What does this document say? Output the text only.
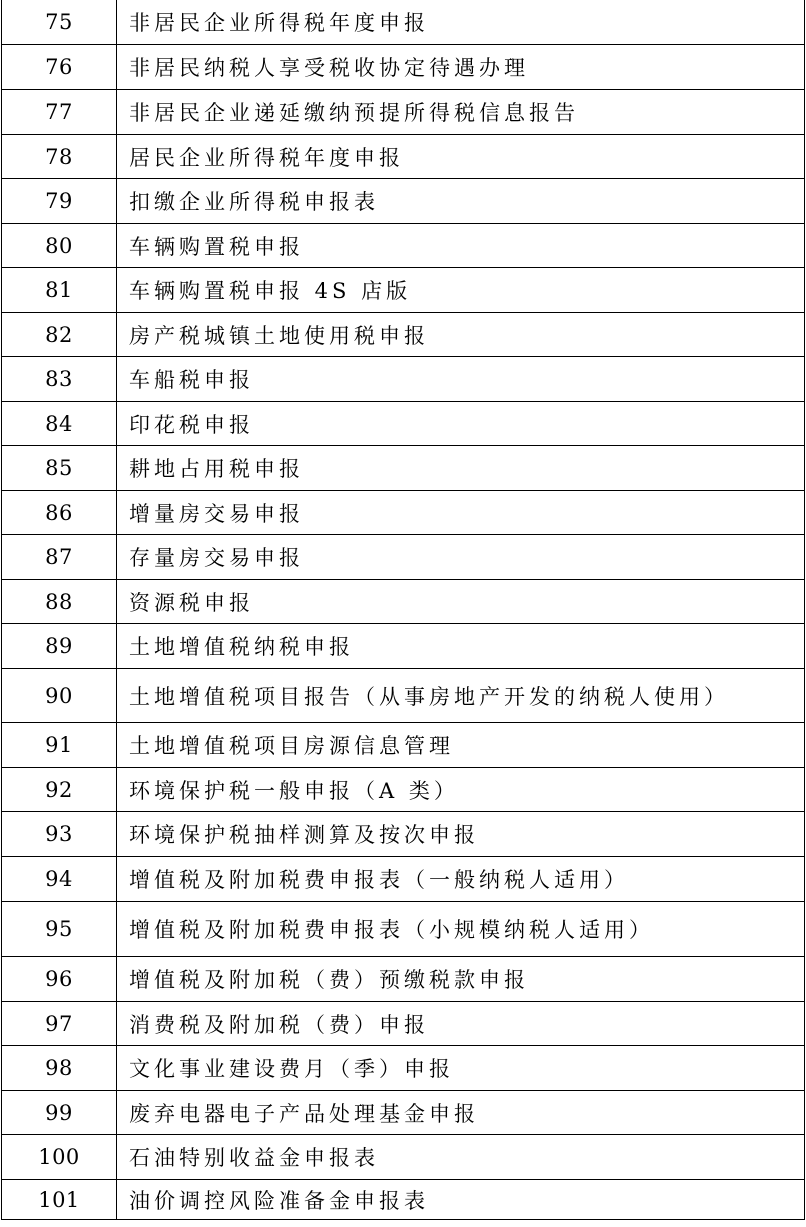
75	非居民企业所得税年度申报
76	非居民纳税人享受税收协定待遇办理
77	非居民企业递延缴纳预提所得税信息报告
78	居民企业所得税年度申报
79	扣缴企业所得税申报表
80	车辆购置税申报
81	车辆购置税申报 4S 店版
82	房产税城镇土地使用税申报
83	车船税申报
84	印花税申报
85	耕地占用税申报
86	增量房交易申报
87	存量房交易申报
88	资源税申报
89	土地增值税纳税申报
90	土地增值税项目报告（从事房地产开发的纳税人使用）
91	土地增值税项目房源信息管理
92	环境保护税一般申报（A 类）
93	环境保护税抽样测算及按次申报
94	增值税及附加税费申报表（一般纳税人适用）
95	增值税及附加税费申报表（小规模纳税人适用）
96	增值税及附加税（费）预缴税款申报
97	消费税及附加税（费）申报
98	文化事业建设费月（季）申报
99	废弃电器电子产品处理基金申报
100	石油特别收益金申报表
101	油价调控风险准备金申报表
